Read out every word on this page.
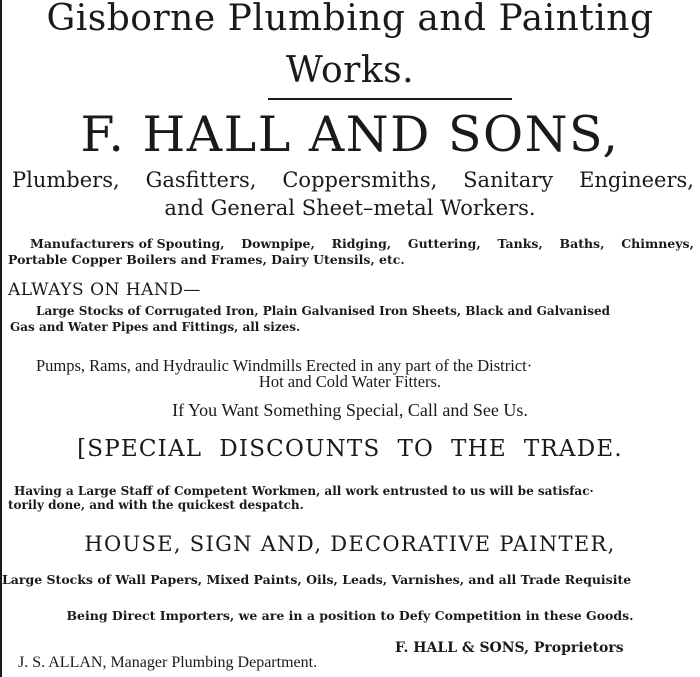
Gisborne Plumbing and Painting
Works.
F. HALL AND SONS,
Plumbers, Gasfitters, Coppersmiths, Sanitary Engineers,
and General Sheet–metal Workers.
Manufacturers of Spouting, Downpipe, Ridging, Guttering, Tanks, Baths, Chimneys,
Portable Copper Boilers and Frames, Dairy Utensils, etc.
ALWAYS ON HAND—
Large Stocks of Corrugated Iron, Plain Galvanised Iron Sheets, Black and Galvanised
Gas and Water Pipes and Fittings, all sizes.
Pumps, Rams, and Hydraulic Windmills Erected in any part of the District·
Hot and Cold Water Fitters.
If You Want Something Special, Call and See Us.
[SPECIAL  DISCOUNTS  TO  THE  TRADE.
Having a Large Staff of Competent Workmen, all work entrusted to us will be satisfac·
torily done, and with the quickest despatch.
HOUSE, SIGN AND, DECORATIVE PAINTER,
Large Stocks of Wall Papers, Mixed Paints, Oils, Leads, Varnishes, and all Trade Requisite
Being Direct Importers, we are in a position to Defy Competition in these Goods.
F. HALL & SONS, Proprietors
J. S. ALLAN, Manager Plumbing Department.
